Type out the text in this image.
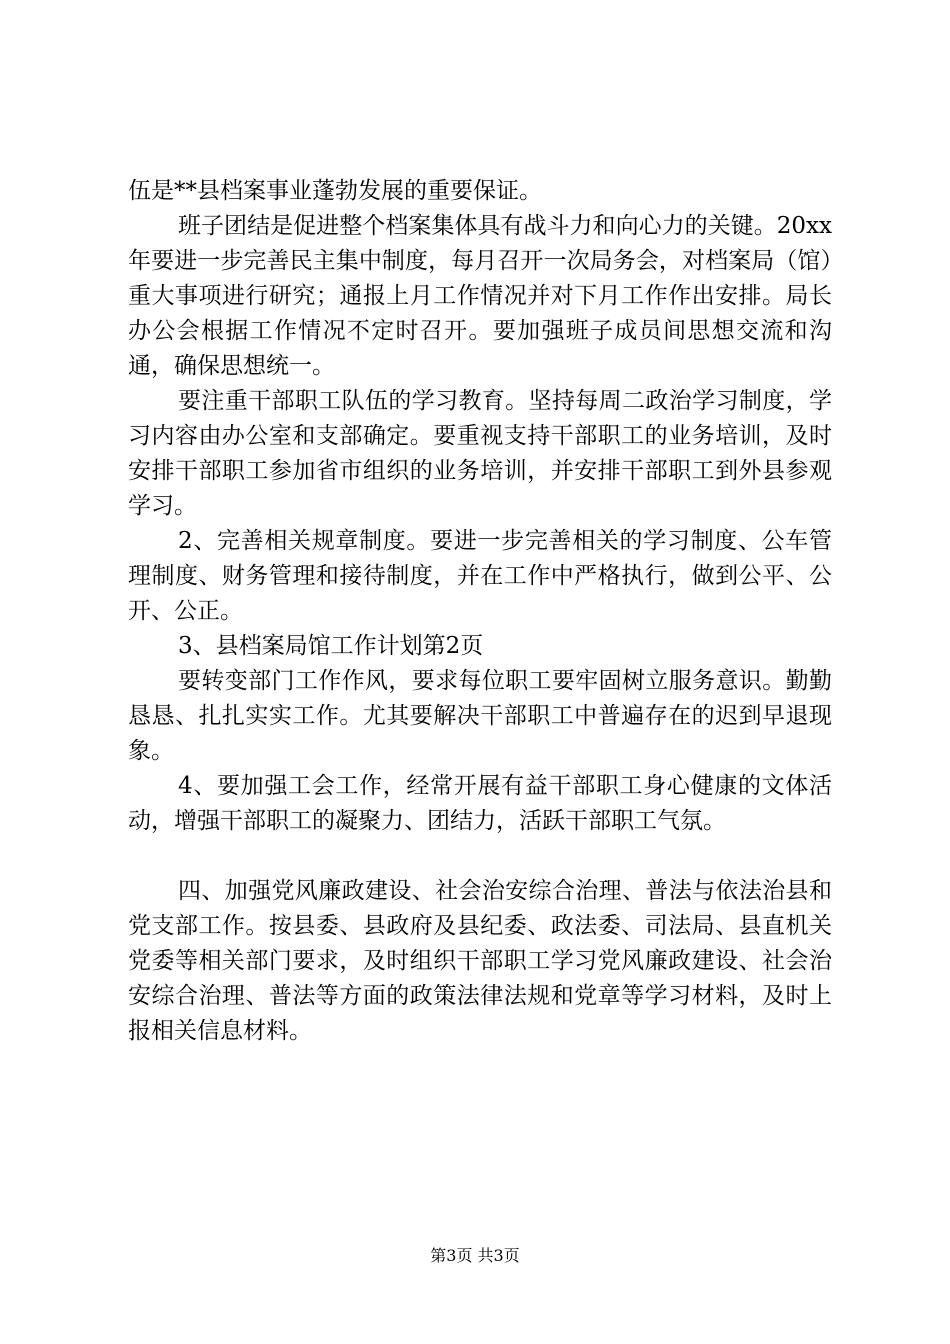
伍是**县档案事业蓬勃发展的重要保证。

班子团结是促进整个档案集体具有战斗力和向心力的关键。20xx年要进一步完善民主集中制度，每月召开一次局务会，对档案局（馆）重大事项进行研究；通报上月工作情况并对下月工作作出安排。局长办公会根据工作情况不定时召开。要加强班子成员间思想交流和沟通，确保思想统一。

要注重干部职工队伍的学习教育。坚持每周二政治学习制度，学习内容由办公室和支部确定。要重视支持干部职工的业务培训，及时安排干部职工参加省市组织的业务培训，并安排干部职工到外县参观学习。

2、完善相关规章制度。要进一步完善相关的学习制度、公车管理制度、财务管理和接待制度，并在工作中严格执行，做到公平、公开、公正。

3、县档案局馆工作计划第2页

要转变部门工作作风，要求每位职工要牢固树立服务意识。勤勤恳恳、扎扎实实工作。尤其要解决干部职工中普遍存在的迟到早退现象。

4、要加强工会工作，经常开展有益干部职工身心健康的文体活动，增强干部职工的凝聚力、团结力，活跃干部职工气氛。

四、加强党风廉政建设、社会治安综合治理、普法与依法治县和党支部工作。按县委、县政府及县纪委、政法委、司法局、县直机关党委等相关部门要求，及时组织干部职工学习党风廉政建设、社会治安综合治理、普法等方面的政策法律法规和党章等学习材料，及时上报相关信息材料。

第3页 共3页
